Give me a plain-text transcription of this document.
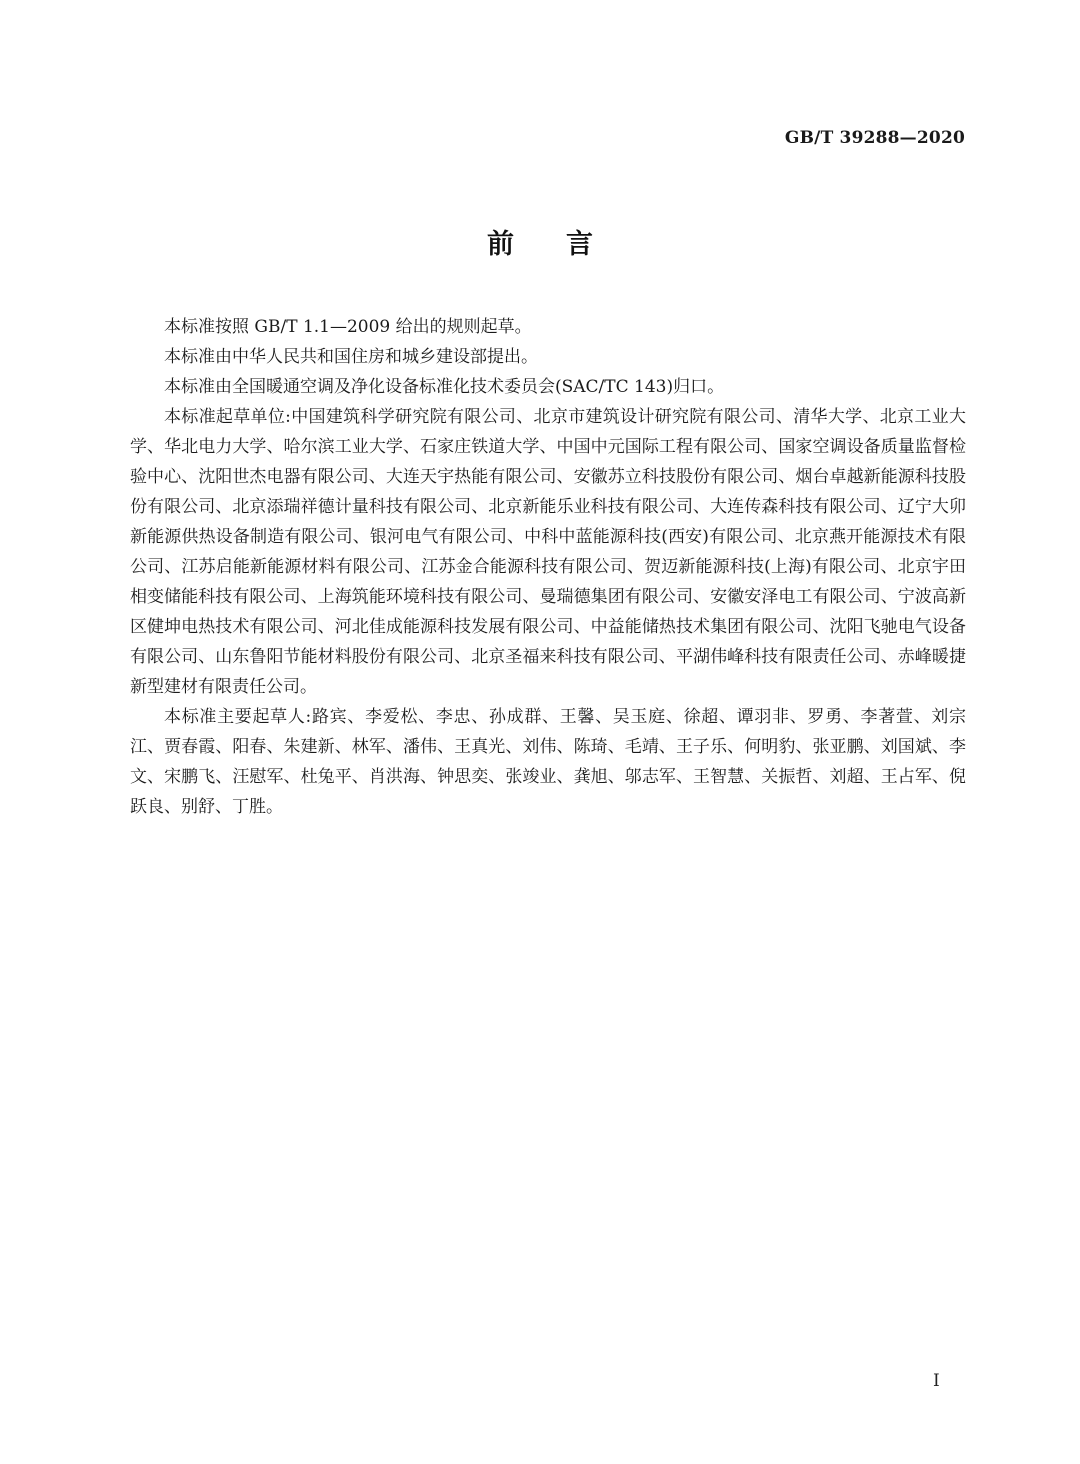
GB/T 39288—2020
前言

本标准按照 GB/T 1.1—2009 给出的规则起草。

本标准由中华人民共和国住房和城乡建设部提出。

本标准由全国暖通空调及净化设备标准化技术委员会(SAC/TC 143)归口。

本标准起草单位:中国建筑科学研究院有限公司、北京市建筑设计研究院有限公司、清华大学、北京工业大学、华北电力大学、哈尔滨工业大学、石家庄铁道大学、中国中元国际工程有限公司、国家空调设备质量监督检验中心、沈阳世杰电器有限公司、大连天宇热能有限公司、安徽苏立科技股份有限公司、烟台卓越新能源科技股份有限公司、北京添瑞祥德计量科技有限公司、北京新能乐业科技有限公司、大连传森科技有限公司、辽宁大卯新能源供热设备制造有限公司、银河电气有限公司、中科中蓝能源科技(西安)有限公司、北京燕开能源技术有限公司、江苏启能新能源材料有限公司、江苏金合能源科技有限公司、贺迈新能源科技(上海)有限公司、北京宇田相变储能科技有限公司、上海筑能环境科技有限公司、曼瑞德集团有限公司、安徽安泽电工有限公司、宁波高新区健坤电热技术有限公司、河北佳成能源科技发展有限公司、中益能储热技术集团有限公司、沈阳飞驰电气设备有限公司、山东鲁阳节能材料股份有限公司、北京圣福来科技有限公司、平湖伟峰科技有限责任公司、赤峰暖捷新型建材有限责任公司。

本标准主要起草人:路宾、李爱松、李忠、孙成群、王馨、吴玉庭、徐超、谭羽非、罗勇、李著萱、刘宗江、贾春霞、阳春、朱建新、林军、潘伟、王真光、刘伟、陈琦、毛靖、王子乐、何明豹、张亚鹏、刘国斌、李文、宋鹏飞、汪慰军、杜兔平、肖洪海、钟思奕、张竣业、龚旭、邬志军、王智慧、关振哲、刘超、王占军、倪跃良、别舒、丁胜。

I
